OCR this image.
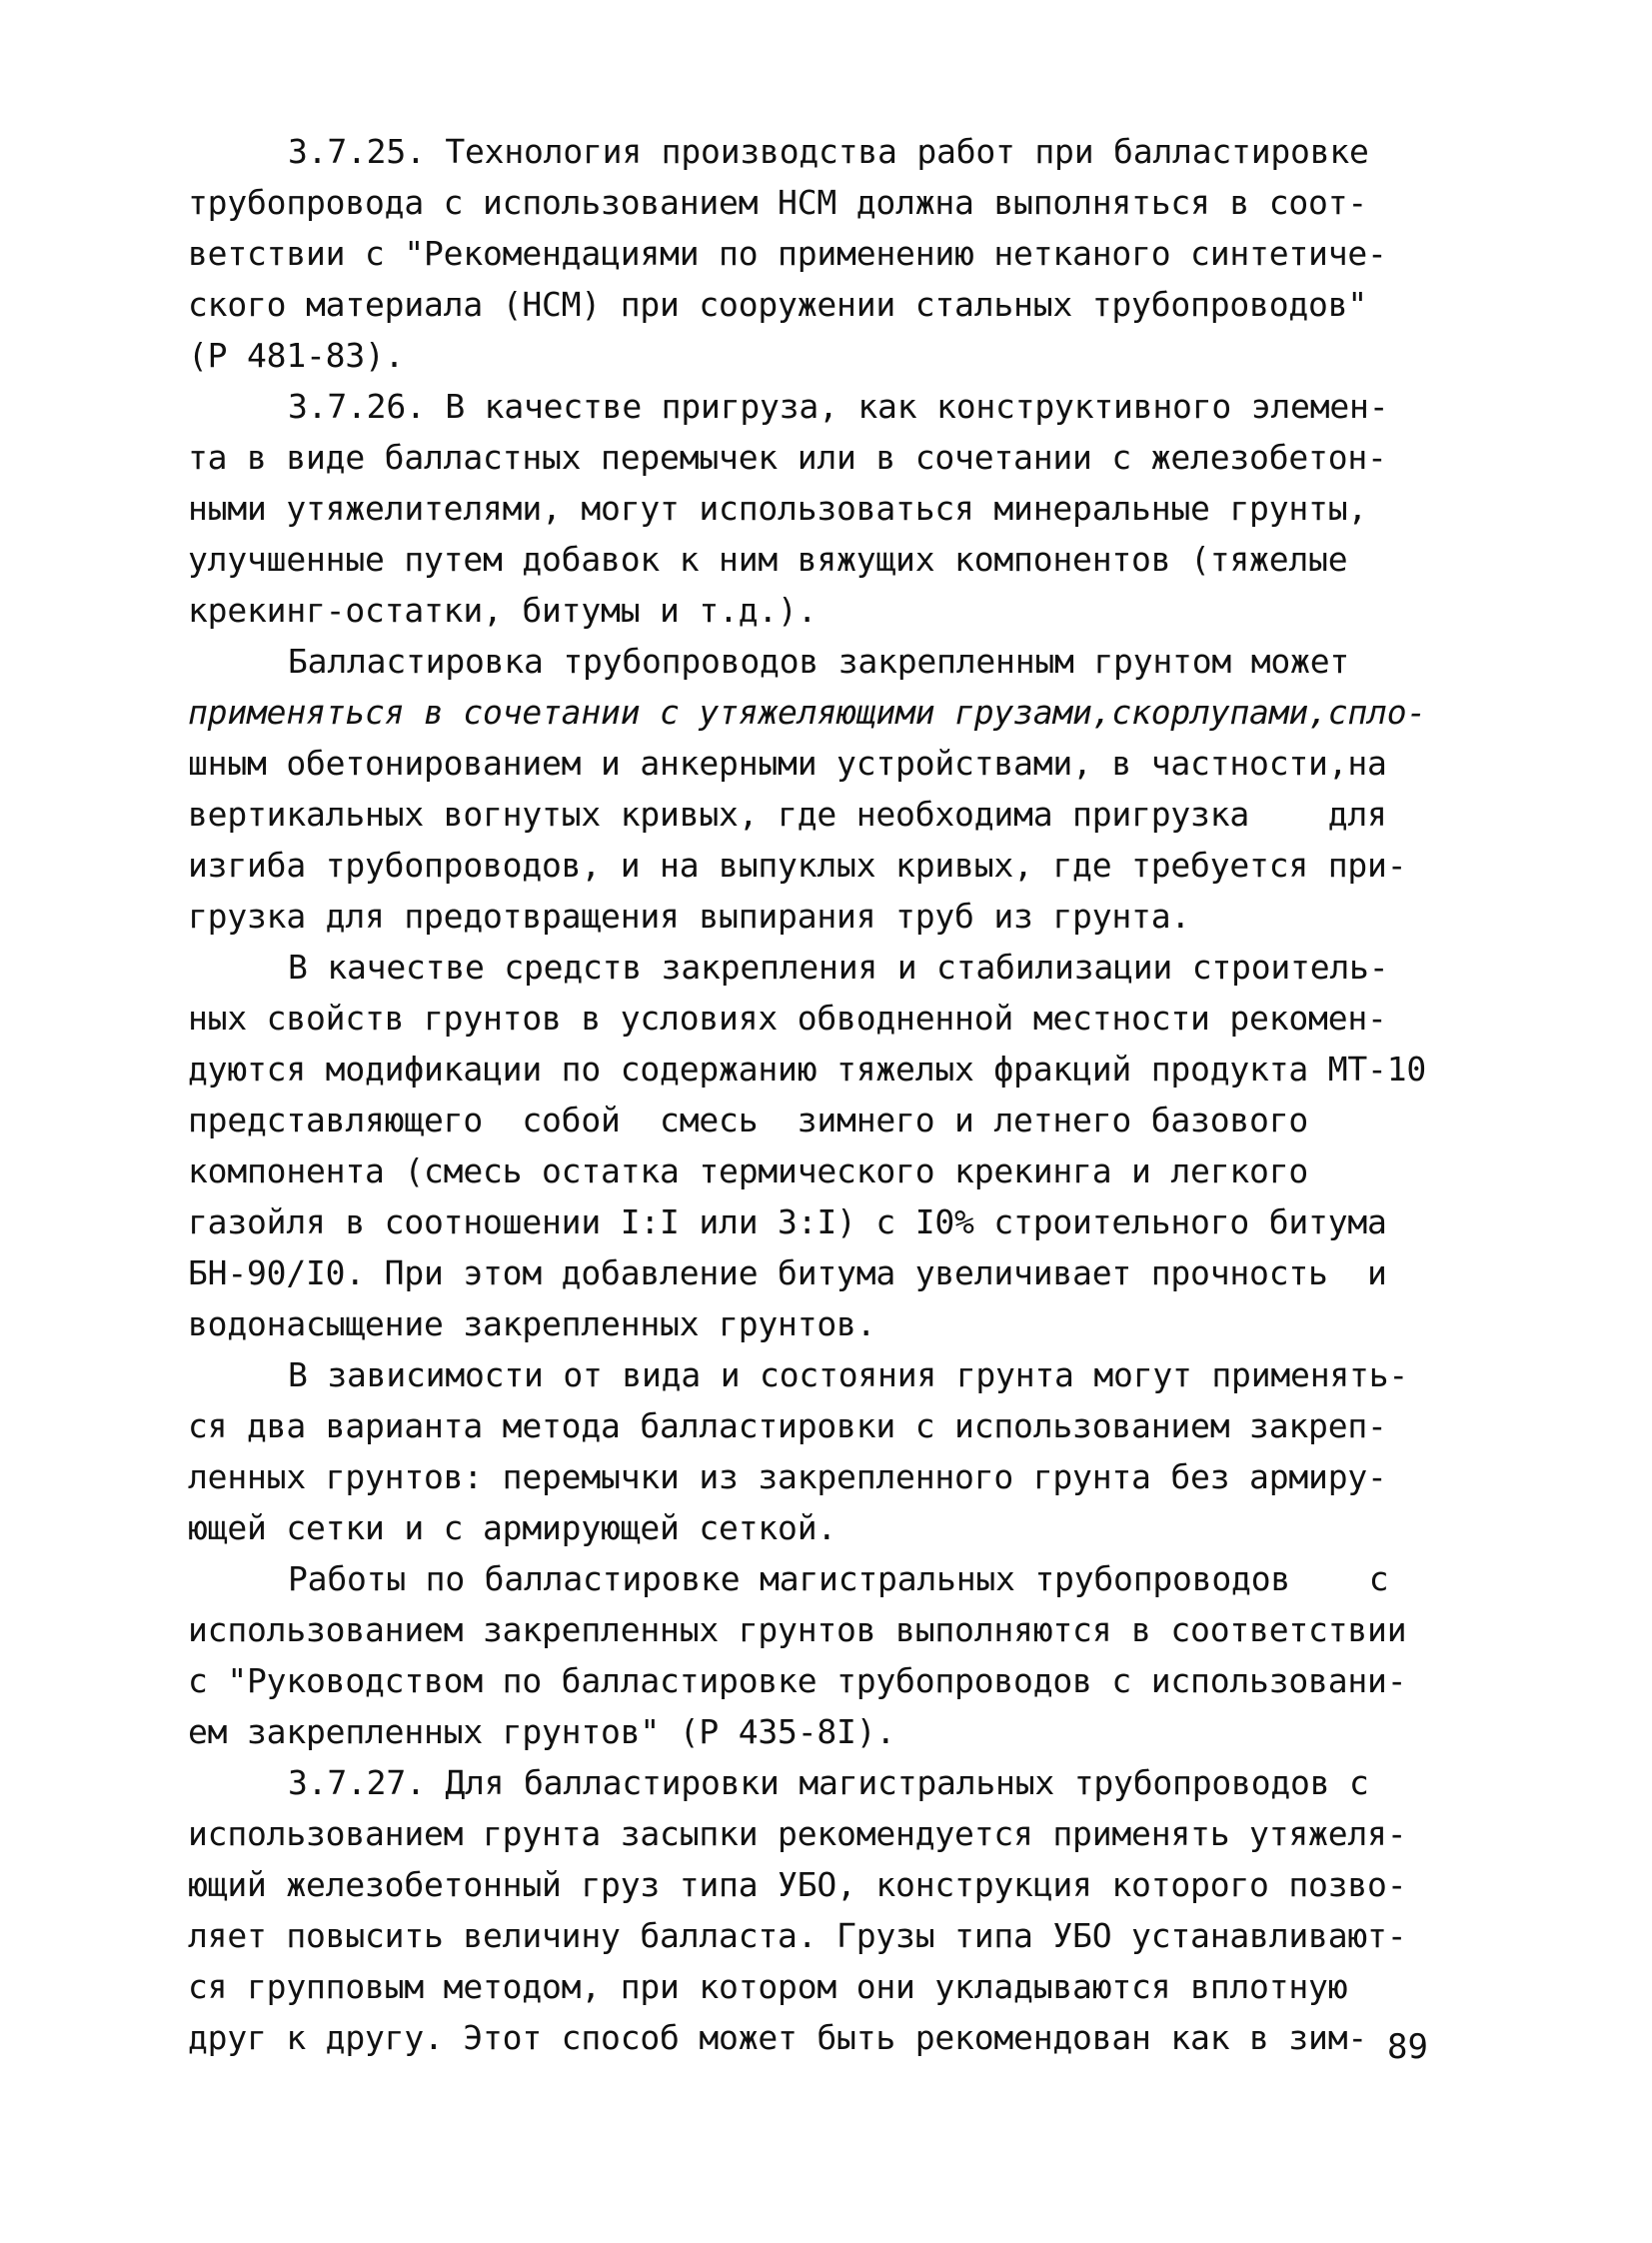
3.7.25. Технология производства работ при балластировке
трубопровода с использованием НСМ должна выполняться в соот-
ветствии с "Рекомендациями по применению нетканого синтетиче-
ского материала (НСМ) при сооружении стальных трубопроводов"
(Р 481-83).
3.7.26. В качестве пригруза, как конструктивного элемен-
та в виде балластных перемычек или в сочетании с железобетон-
ными утяжелителями, могут использоваться минеральные грунты,
улучшенные путем добавок к ним вяжущих компонентов (тяжелые
крекинг-остатки, битумы и т.д.).
Балластировка трубопроводов закрепленным грунтом может
применяться в сочетании с утяжеляющими грузами,скорлупами,спло-
шным обетонированием и анкерными устройствами, в частности,на
вертикальных вогнутых кривых, где необходима пригрузка    для
изгиба трубопроводов, и на выпуклых кривых, где требуется при-
грузка для предотвращения выпирания труб из грунта.
В качестве средств закрепления и стабилизации строитель-
ных свойств грунтов в условиях обводненной местности рекомен-
дуются модификации по содержанию тяжелых фракций продукта МТ-10
представляющего  собой  смесь  зимнего и летнего базового
компонента (смесь остатка термического крекинга и легкого
газойля в соотношении I:I или 3:I) с I0% строительного битума
БН-90/I0. При этом добавление битума увеличивает прочность  и
водонасыщение закрепленных грунтов.
В зависимости от вида и состояния грунта могут применять-
ся два варианта метода балластировки с использованием закреп-
ленных грунтов: перемычки из закрепленного грунта без армиру-
ющей сетки и с армирующей сеткой.
Работы по балластировке магистральных трубопроводов    с
использованием закрепленных грунтов выполняются в соответствии
с "Руководством по балластировке трубопроводов с использовани-
ем закрепленных грунтов" (Р 435-8I).
3.7.27. Для балластировки магистральных трубопроводов с
использованием грунта засыпки рекомендуется применять утяжеля-
ющий железобетонный груз типа УБО, конструкция которого позво-
ляет повысить величину балласта. Грузы типа УБО устанавливают-
ся групповым методом, при котором они укладываются вплотную
друг к другу. Этот способ может быть рекомендован как в зим- 89
